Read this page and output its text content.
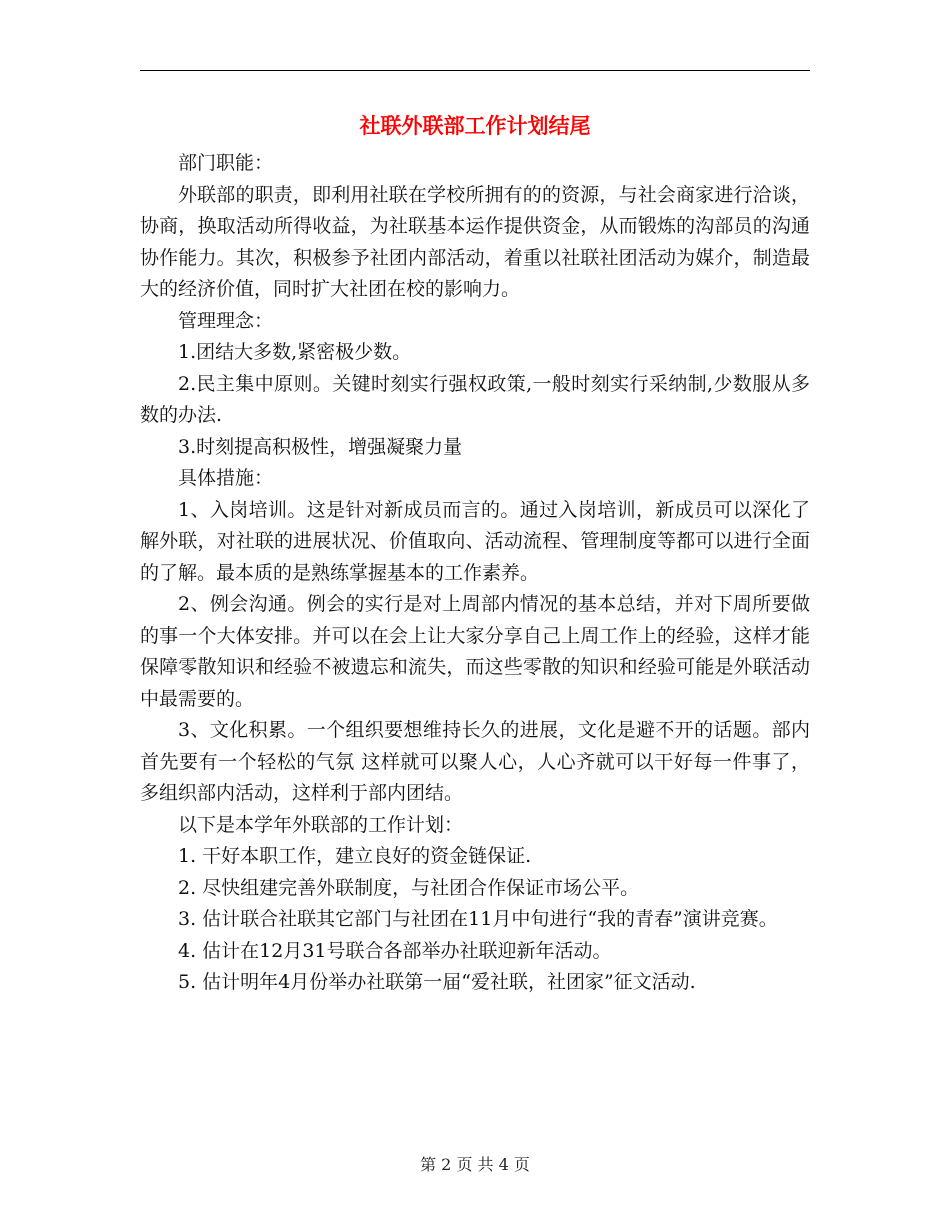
社联外联部工作计划结尾

部门职能：

外联部的职责，即利用社联在学校所拥有的的资源，与社会商家进行洽谈，协商，换取活动所得收益，为社联基本运作提供资金，从而锻炼的沟部员的沟通协作能力。其次，积极参予社团内部活动，着重以社联社团活动为媒介，制造最大的经济价值，同时扩大社团在校的影响力。

管理理念：

1.团结大多数,紧密极少数。

2.民主集中原则。关键时刻实行强权政策,一般时刻实行采纳制,少数服从多数的办法.

3.时刻提高积极性，增强凝聚力量

具体措施：

1、入岗培训。这是针对新成员而言的。通过入岗培训，新成员可以深化了解外联，对社联的进展状况、价值取向、活动流程、管理制度等都可以进行全面的了解。最本质的是熟练掌握基本的工作素养。

2、例会沟通。例会的实行是对上周部内情况的基本总结，并对下周所要做的事一个大体安排。并可以在会上让大家分享自己上周工作上的经验，这样才能保障零散知识和经验不被遗忘和流失，而这些零散的知识和经验可能是外联活动中最需要的。

3、文化积累。一个组织要想维持长久的进展，文化是避不开的话题。部内首先要有一个轻松的气氛 这样就可以聚人心，人心齐就可以干好每一件事了，多组织部内活动，这样利于部内团结。

以下是本学年外联部的工作计划：

1. 干好本职工作，建立良好的资金链保证.

2. 尽快组建完善外联制度，与社团合作保证市场公平。

3. 估计联合社联其它部门与社团在11月中旬进行“我的青春”演讲竞赛。

4. 估计在12月31号联合各部举办社联迎新年活动。

5. 估计明年4月份举办社联第一届“爱社联，社团家”征文活动.

第 2 页 共 4 页
